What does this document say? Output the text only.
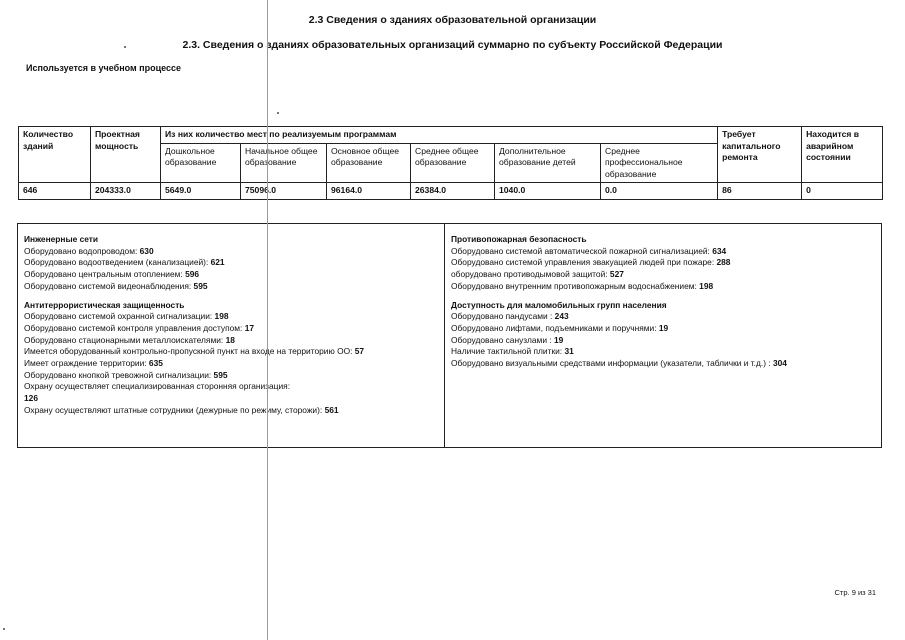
2.3 Сведения о зданиях образовательной организации
2.3. Сведения о зданиях образовательных организаций суммарно по субъекту Российской Федерации
Используется в учебном процессе
Количество зданий	Проектная мощность	Из них количество мест по реализуемым программам						Требует капитального ремонта	Находится в аварийном состоянии
		Дошкольное образование	Начальное общее образование	Основное общее образование	Среднее общее образование	Дополнительное образование детей	Среднее профессиональное образование		
646	204333.0	5649.0	75096.0	96164.0	26384.0	1040.0	0.0	86	0
Инженерные сети
Оборудовано водопроводом: 630
Оборудовано водоотведением (канализацией): 621
Оборудовано центральным отоплением: 596
Оборудовано системой видеонаблюдения: 595
Антитеррористическая защищенность
Оборудовано системой охранной сигнализации: 198
Оборудовано системой контроля управления доступом: 17
Оборудовано стационарными металлоискателями: 18
Имеется оборудованный контрольно-пропускной пункт на входе на территорию ОО: 57
Имеет ограждение территории: 635
Оборудовано кнопкой тревожной сигнализации: 595
Охрану осуществляет специализированная сторонняя организация: 126
Охрану осуществляют штатные сотрудники (дежурные по режиму, сторожи): 561
Противопожарная безопасность
Оборудовано системой автоматической пожарной сигнализацией: 634
Оборудовано системой управления эвакуацией людей при пожаре: 288
оборудовано противодымовой защитой: 527
Оборудовано внутренним противопожарным водоснабжением: 198
Доступность для маломобильных групп населения
Оборудовано пандусами : 243
Оборудовано лифтами, подъемниками и поручнями: 19
Оборудовано санузлами : 19
Наличие тактильной плитки: 31
Оборудовано визуальными средствами информации (указатели, таблички и т.д.) : 304
Стр. 9 из 31
